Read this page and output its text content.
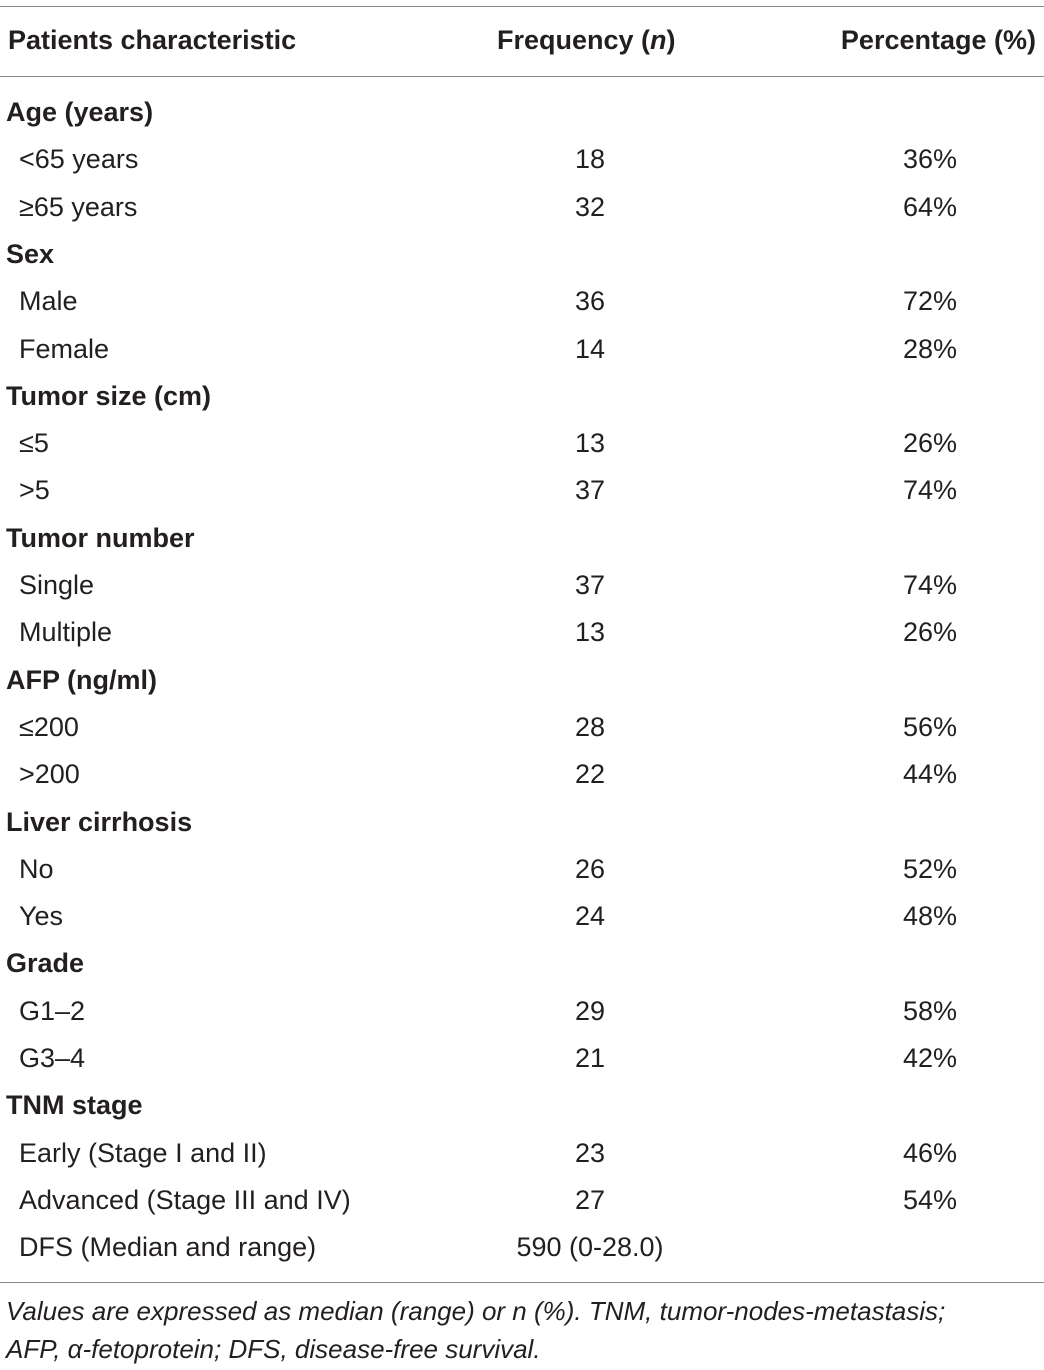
Patients characteristic	Frequency (n)	Percentage (%)
Age (years)
<65 years	18	36%
≥65 years	32	64%
Sex
Male	36	72%
Female	14	28%
Tumor size (cm)
≤5	13	26%
>5	37	74%
Tumor number
Single	37	74%
Multiple	13	26%
AFP (ng/ml)
≤200	28	56%
>200	22	44%
Liver cirrhosis
No	26	52%
Yes	24	48%
Grade
G1–2	29	58%
G3–4	21	42%
TNM stage
Early (Stage I and II)	23	46%
Advanced (Stage III and IV)	27	54%
DFS (Median and range)	590 (0-28.0)
Values are expressed as median (range) or n (%). TNM, tumor-nodes-metastasis;
AFP, α-fetoprotein; DFS, disease-free survival.
